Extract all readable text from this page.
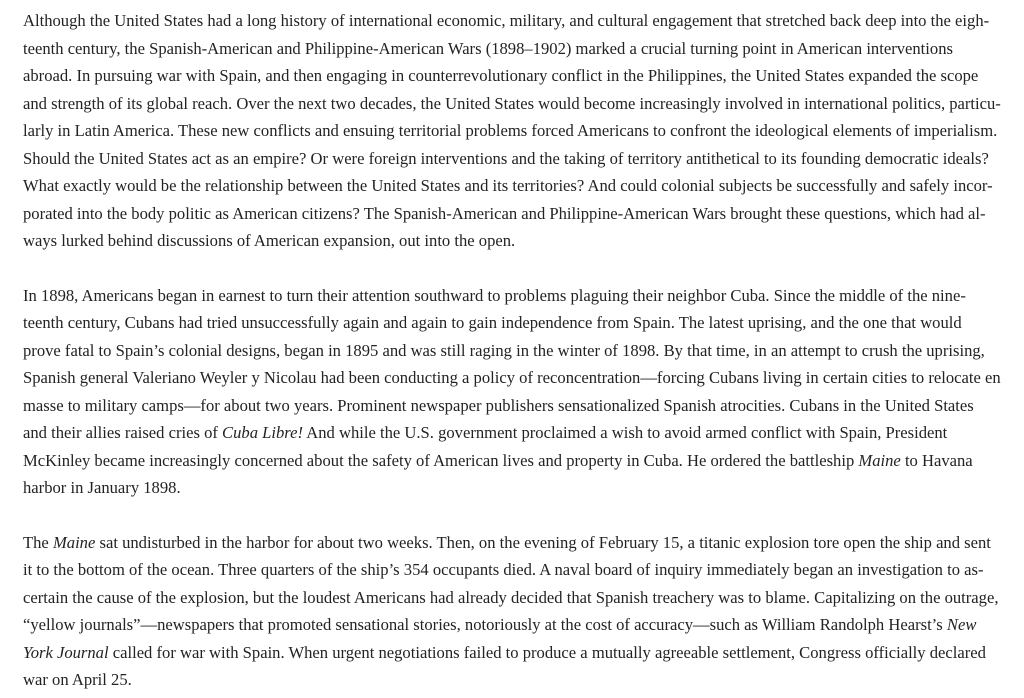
Although the United States had a long history of international economic, military, and cultural engagement that stretched back deep into the eigh-
teenth century, the Spanish-American and Philippine-American Wars (1898–1902) marked a crucial turning point in American interventions
abroad. In pursuing war with Spain, and then engaging in counterrevolutionary conflict in the Philippines, the United States expanded the scope
and strength of its global reach. Over the next two decades, the United States would become increasingly involved in international politics, particu-
larly in Latin America. These new conflicts and ensuing territorial problems forced Americans to confront the ideological elements of imperialism.
Should the United States act as an empire? Or were foreign interventions and the taking of territory antithetical to its founding democratic ideals?
What exactly would be the relationship between the United States and its territories? And could colonial subjects be successfully and safely incor-
porated into the body politic as American citizens? The Spanish-American and Philippine-American Wars brought these questions, which had al-
ways lurked behind discussions of American expansion, out into the open.

In 1898, Americans began in earnest to turn their attention southward to problems plaguing their neighbor Cuba. Since the middle of the nine-
teenth century, Cubans had tried unsuccessfully again and again to gain independence from Spain. The latest uprising, and the one that would
prove fatal to Spain’s colonial designs, began in 1895 and was still raging in the winter of 1898. By that time, in an attempt to crush the uprising,
Spanish general Valeriano Weyler y Nicolau had been conducting a policy of reconcentration—forcing Cubans living in certain cities to relocate en
masse to military camps—for about two years. Prominent newspaper publishers sensationalized Spanish atrocities. Cubans in the United States
and their allies raised cries of Cuba Libre! And while the U.S. government proclaimed a wish to avoid armed conflict with Spain, President
McKinley became increasingly concerned about the safety of American lives and property in Cuba. He ordered the battleship Maine to Havana
harbor in January 1898.

The Maine sat undisturbed in the harbor for about two weeks. Then, on the evening of February 15, a titanic explosion tore open the ship and sent
it to the bottom of the ocean. Three quarters of the ship’s 354 occupants died. A naval board of inquiry immediately began an investigation to as-
certain the cause of the explosion, but the loudest Americans had already decided that Spanish treachery was to blame. Capitalizing on the outrage,
“yellow journals”—newspapers that promoted sensational stories, notoriously at the cost of accuracy—such as William Randolph Hearst’s New
York Journal called for war with Spain. When urgent negotiations failed to produce a mutually agreeable settlement, Congress officially declared
war on April 25.
